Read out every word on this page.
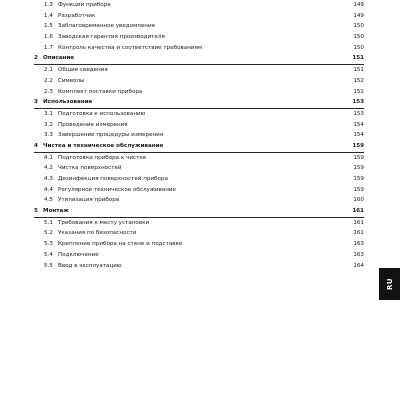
1.3 Функции прибора	149
1.4 Разработчик	149
1.5 Заблаговременное уведомление	150
1.6 Заводская гарантия производителя	150
1.7 Контроль качества и соответствие требованиям	150
2 Описание	151
2.1 Общие сведения	151
2.2 Символы	152
2.3 Комплект поставки прибора	152
3 Использование	153
3.1 Подготовка к использованию	153
3.2 Проведение измерения	154
3.3 Завершение процедуры измерения	154
4 Чистка и техническое обслуживание	159
4.1 Подготовка прибора к чистке	159
4.2 Чистка поверхностей	159
4.3 Дезинфекция поверхностей прибора	159
4.4 Регулярное техническое обслуживание	159
4.5 Утилизация прибора	160
5 Монтаж	161
5.1 Требования к месту установки	161
5.2 Указания по безопасности	161
5.3 Крепление прибора на стене и подставке	163
5.4 Подключение	163
5.5 Ввод в эксплуатацию	164
RU
